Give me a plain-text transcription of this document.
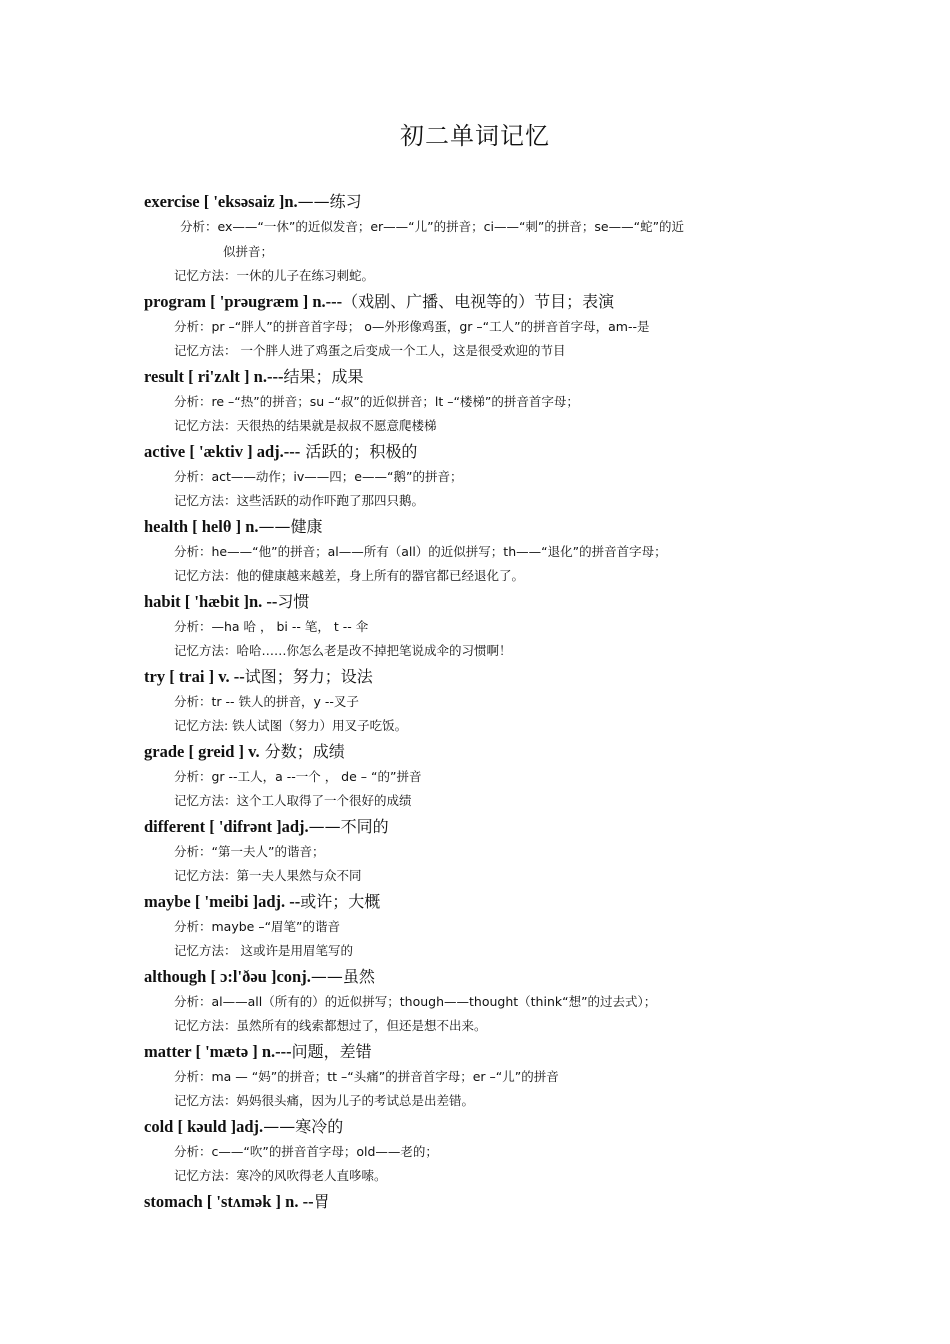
初二单词记忆
exercise [ 'eksəsaiz ]n.——练习
分析：ex——“一休”的近似发音；er——“儿”的拼音；ci——“刺”的拼音；se——“蛇”的近
似拼音；
记忆方法：一休的儿子在练习刺蛇。
program [ 'prəugræm ] n.---（戏剧、广播、电视等的）节目；表演
分析：pr –“胖人”的拼音首字母； o—外形像鸡蛋，gr –“工人”的拼音首字母，am--是
记忆方法： 一个胖人进了鸡蛋之后变成一个工人，这是很受欢迎的节目
result [ ri'zʌlt ] n.---结果；成果
分析：re –“热”的拼音；su –“叔”的近似拼音；lt –“楼梯”的拼音首字母；
记忆方法：天很热的结果就是叔叔不愿意爬楼梯
active [ 'æktiv ] adj.--- 活跃的；积极的
分析：act——动作；iv——四；e——“鹅”的拼音；
记忆方法：这些活跃的动作吓跑了那四只鹅。
health [ helθ ] n.——健康
分析：he——“他”的拼音；al——所有（all）的近似拼写；th——“退化”的拼音首字母；
记忆方法：他的健康越来越差，身上所有的器官都已经退化了。
habit [ 'hæbit ]n. --习惯
分析：—ha 哈 ， bi -- 笔， t -- 伞
记忆方法：哈哈……你怎么老是改不掉把笔说成伞的习惯啊！
try [ trai ] v. --试图；努力；设法
分析：tr -- 铁人的拼音，y --叉子
记忆方法: 铁人试图（努力）用叉子吃饭。
grade [ greid ] v. 分数；成绩
分析：gr --工人，a --一个 ， de – “的”拼音
记忆方法：这个工人取得了一个很好的成绩
different [ 'difrənt ]adj.——不同的
分析：“第一夫人”的谐音；
记忆方法：第一夫人果然与众不同
maybe [ 'meibi ]adj. --或许；大概
分析：maybe –“眉笔”的谐音
记忆方法： 这或许是用眉笔写的
although [ ɔ:l'ðəu ]conj.——虽然
分析：al——all（所有的）的近似拼写；though——thought（think“想”的过去式）；
记忆方法：虽然所有的线索都想过了，但还是想不出来。
matter [ 'mætə ] n.---问题，差错
分析：ma — “妈”的拼音；tt –“头痛”的拼音首字母；er –“儿”的拼音
记忆方法：妈妈很头痛，因为儿子的考试总是出差错。
cold [ kəuld ]adj.——寒冷的
分析：c——“吹”的拼音首字母；old——老的；
记忆方法：寒冷的风吹得老人直哆嗦。
stomach [ 'stʌmək ] n. --胃
